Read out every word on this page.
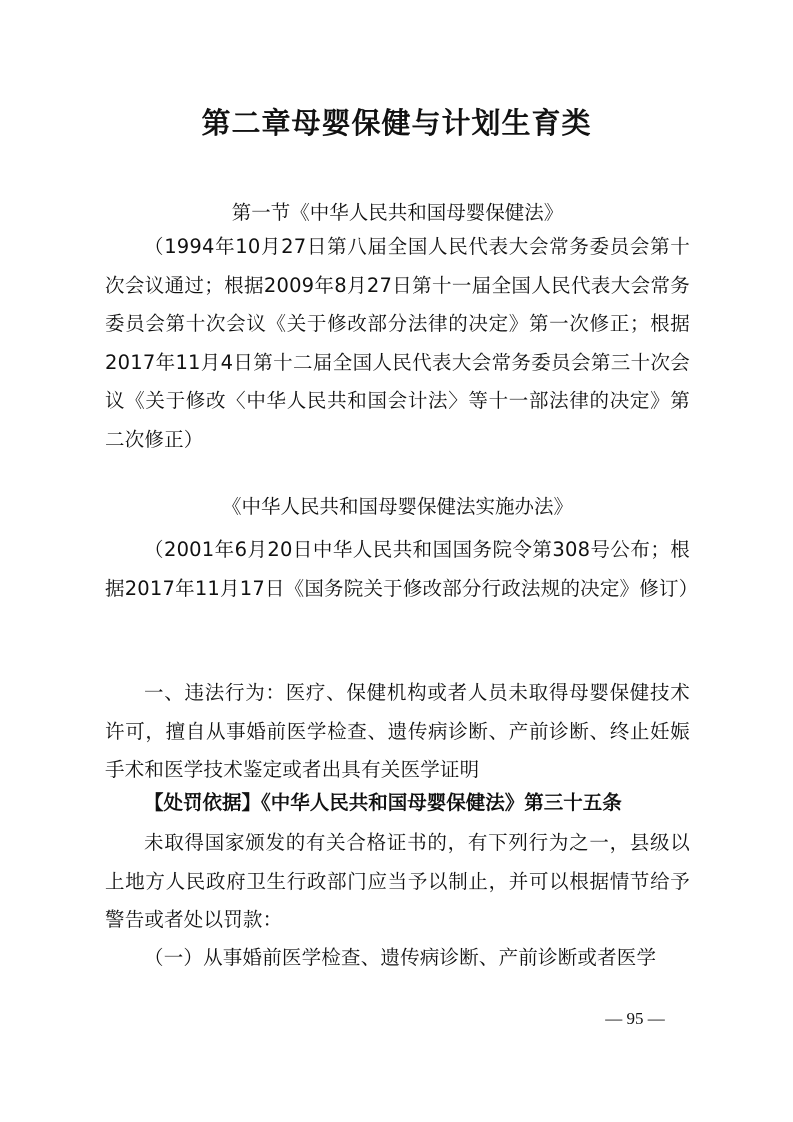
第二章母婴保健与计划生育类

第一节《中华人民共和国母婴保健法》

（1994年10月27日第八届全国人民代表大会常务委员会第十次会议通过；根据2009年8月27日第十一届全国人民代表大会常务委员会第十次会议《关于修改部分法律的决定》第一次修正；根据2017年11月4日第十二届全国人民代表大会常务委员会第三十次会议《关于修改〈中华人民共和国会计法〉等十一部法律的决定》第二次修正）

《中华人民共和国母婴保健法实施办法》

（2001年6月20日中华人民共和国国务院令第308号公布；根据2017年11月17日《国务院关于修改部分行政法规的决定》修订）

一、违法行为：医疗、保健机构或者人员未取得母婴保健技术许可，擅自从事婚前医学检查、遗传病诊断、产前诊断、终止妊娠手术和医学技术鉴定或者出具有关医学证明

【处罚依据】《中华人民共和国母婴保健法》第三十五条

未取得国家颁发的有关合格证书的，有下列行为之一，县级以上地方人民政府卫生行政部门应当予以制止，并可以根据情节给予警告或者处以罚款：

（一）从事婚前医学检查、遗传病诊断、产前诊断或者医学

— 95 —
